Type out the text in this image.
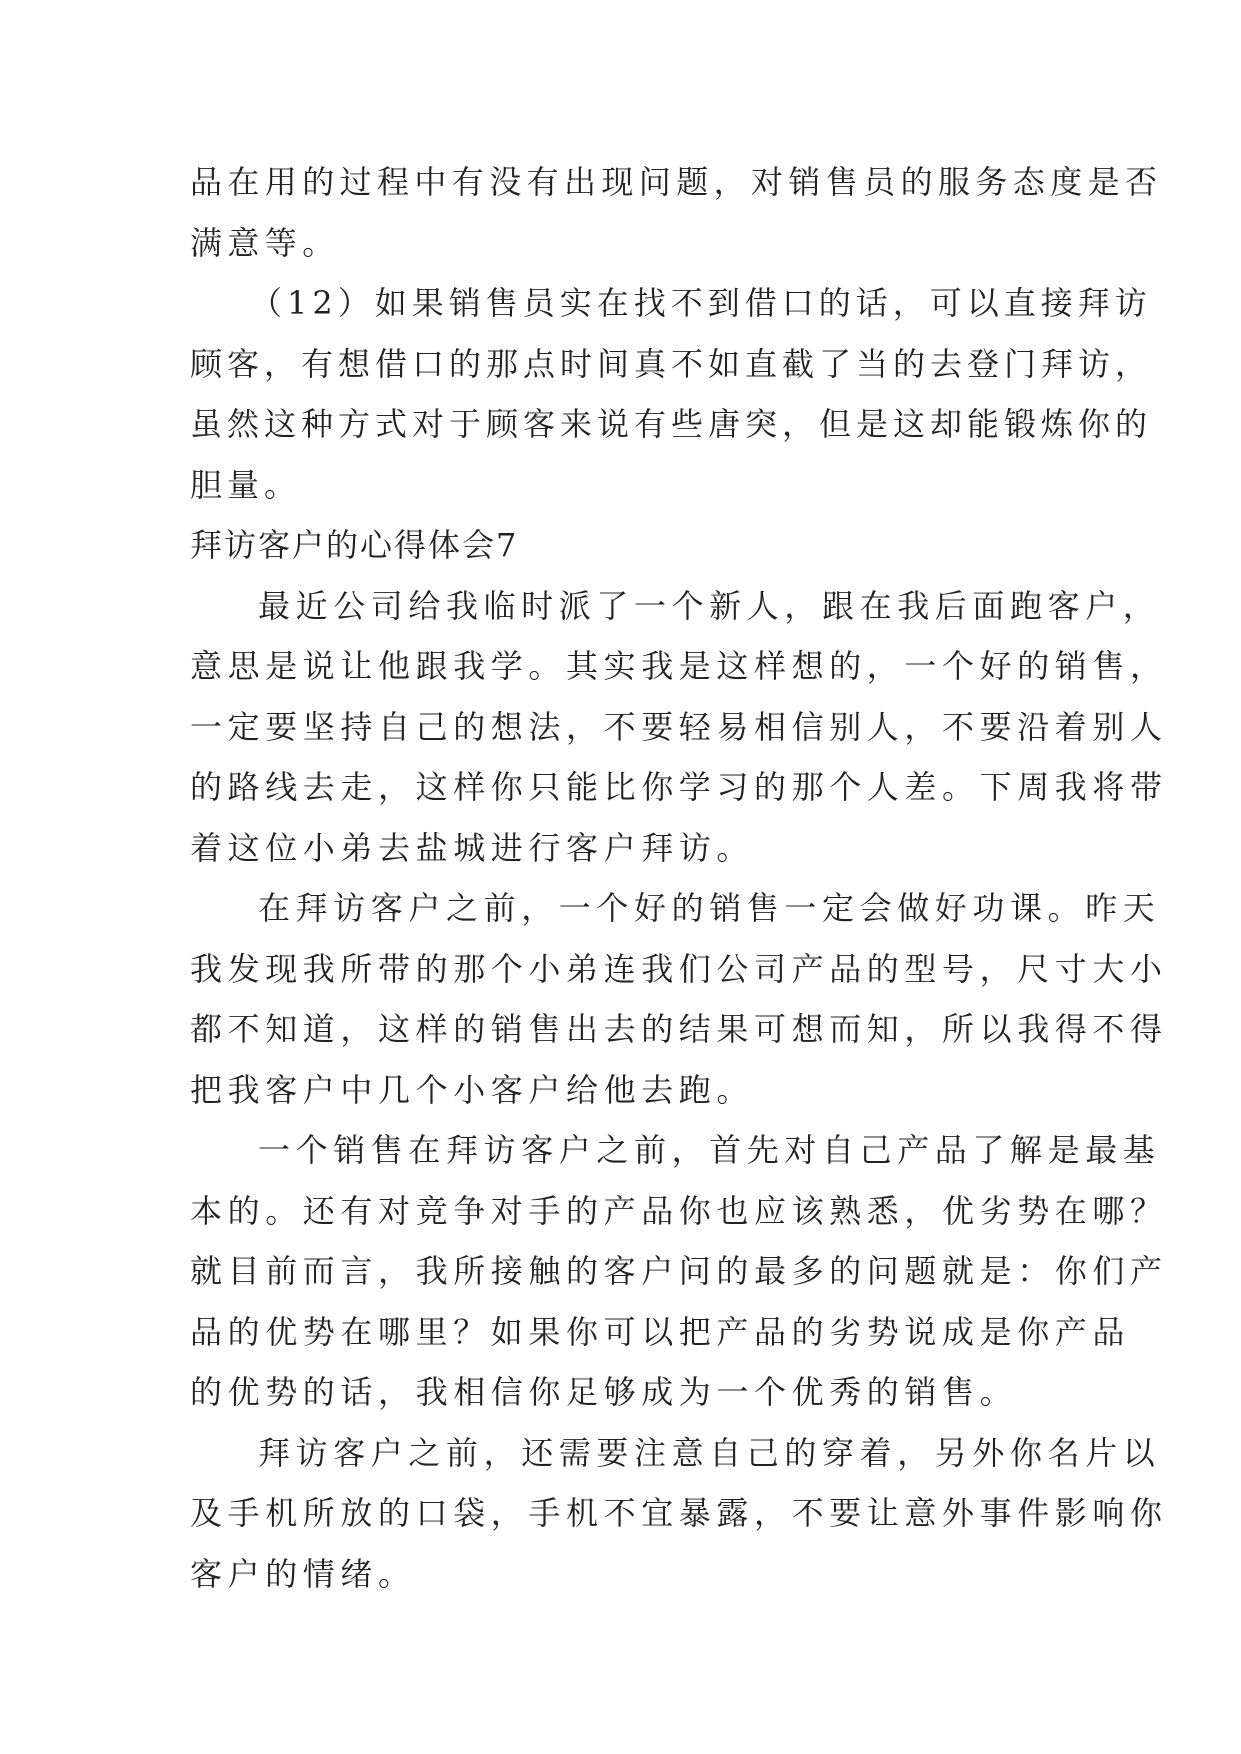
品在用的过程中有没有出现问题，对销售员的服务态度是否
满意等。
（12）如果销售员实在找不到借口的话，可以直接拜访
顾客，有想借口的那点时间真不如直截了当的去登门拜访，
虽然这种方式对于顾客来说有些唐突，但是这却能锻炼你的
胆量。
拜访客户的心得体会7
最近公司给我临时派了一个新人，跟在我后面跑客户，
意思是说让他跟我学。其实我是这样想的，一个好的销售，
一定要坚持自己的想法，不要轻易相信别人，不要沿着别人
的路线去走，这样你只能比你学习的那个人差。下周我将带
着这位小弟去盐城进行客户拜访。
在拜访客户之前，一个好的销售一定会做好功课。昨天
我发现我所带的那个小弟连我们公司产品的型号，尺寸大小
都不知道，这样的销售出去的结果可想而知，所以我得不得
把我客户中几个小客户给他去跑。
一个销售在拜访客户之前，首先对自己产品了解是最基
本的。还有对竞争对手的产品你也应该熟悉，优劣势在哪？
就目前而言，我所接触的客户问的最多的问题就是：你们产
品的优势在哪里？如果你可以把产品的劣势说成是你产品
的优势的话，我相信你足够成为一个优秀的销售。
拜访客户之前，还需要注意自己的穿着，另外你名片以
及手机所放的口袋，手机不宜暴露，不要让意外事件影响你
客户的情绪。
